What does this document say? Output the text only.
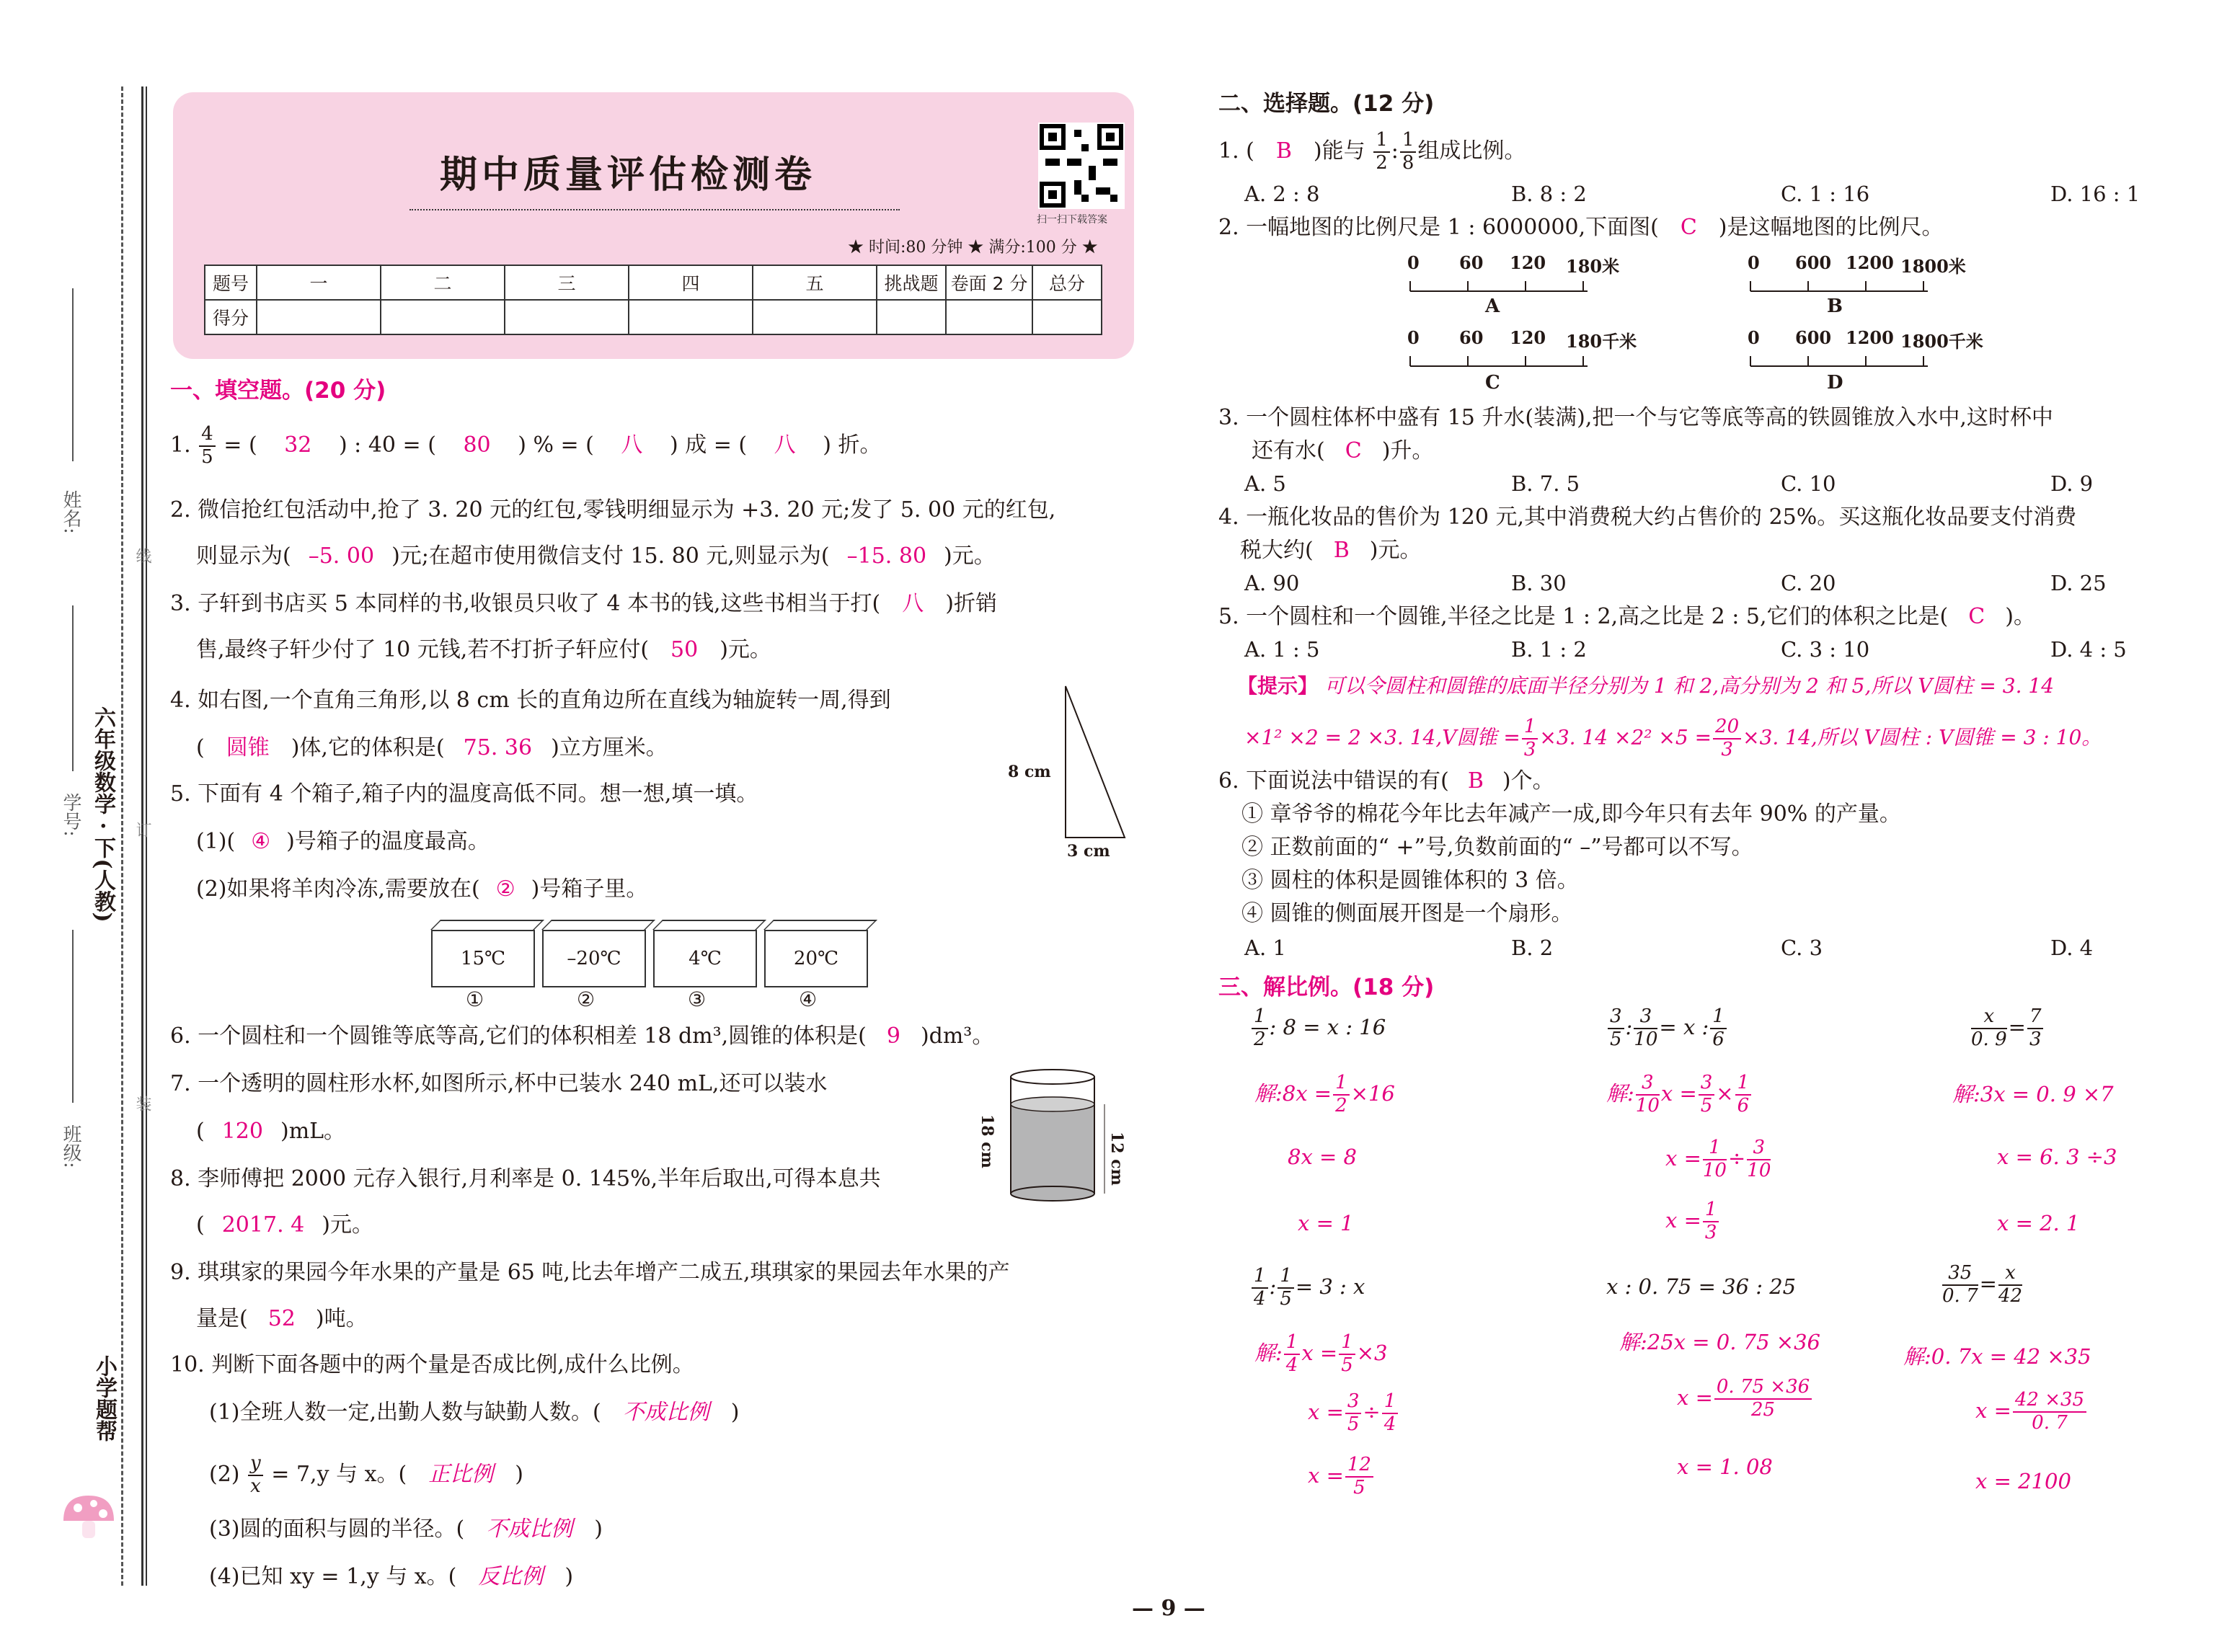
姓名:
学号:
班级:
线
订
装
六年级数学 · 下(人教)
小学题帮
期中质量评估检测卷
扫一扫下载答案
★ 时间:80 分钟 ★ 满分:100 分 ★
题号	一	二	三	四	五	挑战题	卷面 2 分	总分
得分								
一、填空题。(20 分)
1. $\frac{4}{5}$ = ( 32 ) : 40 = ( 80 ) % = ( 八 ) 成 = ( 八 ) 折。
2. 微信抢红包活动中,抢了 3. 20 元的红包,零钱明细显示为 +3. 20 元;发了 5. 00 元的红包,
则显示为( –5. 00 )元;在超市使用微信支付 15. 80 元,则显示为( –15. 80 )元。
3. 子轩到书店买 5 本同样的书,收银员只收了 4 本书的钱,这些书相当于打( 八 )折销
售,最终子轩少付了 10 元钱,若不打折子轩应付( 50 )元。
4. 如右图,一个直角三角形,以 8 cm 长的直角边所在直线为轴旋转一周,得到
( 圆锥 )体,它的体积是( 75. 36 )立方厘米。
8 cm
3 cm
5. 下面有 4 个箱子,箱子内的温度高低不同。想一想,填一填。
(1)( ④ )号箱子的温度最高。
(2)如果将羊肉冷冻,需要放在( ② )号箱子里。
15℃
①
–20℃
②
4℃
③
20℃
④
6. 一个圆柱和一个圆锥等底等高,它们的体积相差 18 dm³,圆锥的体积是( 9 )dm³。
7. 一个透明的圆柱形水杯,如图所示,杯中已装水 240 mL,还可以装水
( 120 )mL。	18 cm	12 cm
8. 李师傅把 2000 元存入银行,月利率是 0. 145%,半年后取出,可得本息共
( 2017. 4 )元。
9. 琪琪家的果园今年水果的产量是 65 吨,比去年增产二成五,琪琪家的果园去年水果的产
量是( 52 )吨。
10. 判断下面各题中的两个量是否成比例,成什么比例。
(1)全班人数一定,出勤人数与缺勤人数。( 不成比例 )
$(2) \frac{y}{x} = 7,y$ 与 x。( 正比例 )
(3)圆的面积与圆的半径。( 不成比例 )
(4)已知 xy = 1,y 与 x。( 反比例 )
二、选择题。(12 分)
1. ( B )能与 $\frac{1}{2}$ : $\frac{1}{8}$ 组成比例。
A. 2 : 8	B. 8 : 2	C. 1 : 16	D. 16 : 1
2. 一幅地图的比例尺是 1 : 6000000,下面图( C )是这幅地图的比例尺。
0 60 120 180米
A
0 600 1200 1800米
B
0 60 120 180千米
C
0 600 1200 1800千米
D
3. 一个圆柱体杯中盛有 15 升水(装满),把一个与它等底等高的铁圆锥放入水中,这时杯中
还有水( C )升。
A. 5	B. 7. 5	C. 10	D. 9
4. 一瓶化妆品的售价为 120 元,其中消费税大约占售价的 25%。买这瓶化妆品要支付消费
税大约( B )元。
A. 90	B. 30	C. 20	D. 25
5. 一个圆柱和一个圆锥,半径之比是 1 : 2,高之比是 2 : 5,它们的体积之比是( C )。
A. 1 : 5	B. 1 : 2	C. 3 : 10	D. 4 : 5
【提示】 可以令圆柱和圆锥的底面半径分别为 1 和 2,高分别为 2 和 5,所以 V圆柱 = 3. 14
×1² ×2 = 2 ×3. 14,V圆锥 = $\frac{1}{3} \times 3$. $14 \times 2^2 \times 5 = \frac{20}{3} \times 3$. 14,所以 V圆柱 : V圆锥 = 3 : 10。
6. 下面说法中错误的有( B )个。
① 章爷爷的棉花今年比去年减产一成,即今年只有去年 90% 的产量。
② 正数前面的“ +”号,负数前面的“ –”号都可以不写。
③ 圆柱的体积是圆锥体积的 3 倍。
④ 圆锥的侧面展开图是一个扇形。
A. 1	B. 2	C. 3	D. 4
三、解比例。(18 分)
$\frac{1}{2}$ : 8 = x : 16
解:8x = $\frac{1}{2} \times 16$
8x = 8
x = 1
$\frac{3}{5}$ : $\frac{3}{10} = x$ : $\frac{1}{6}$
解: $\frac{3}{10}$ $x = \frac{3}{5} \times \frac{1}{6}$
$x = \frac{1}{10} \div \frac{3}{10}$
$x = \frac{1}{3}$
$\frac{x}{0. 9} = \frac{7}{3}$
解:3x = 0. 9 ×7
x = 6. 3 ÷3
x = 2. 1
$\frac{1}{4}$ : $\frac{1}{5} = 3$ : x
解: $\frac{1}{4}$ $x = \frac{1}{5} \times 3$
$x = \frac{3}{5} \div \frac{1}{4}$
$x = \frac{12}{5}$
x : 0. 75 = 36 : 25
解:25x = 0. 75 ×36
$x = \frac{0. 75 \times 36}{25}$
x = 1. 08
$\frac{35}{0. 7} = \frac{x}{42}$
解:0. 7x = 42 ×35
$x = \frac{42 \times 35}{0. 7}$
x = 2100
— 9 —
